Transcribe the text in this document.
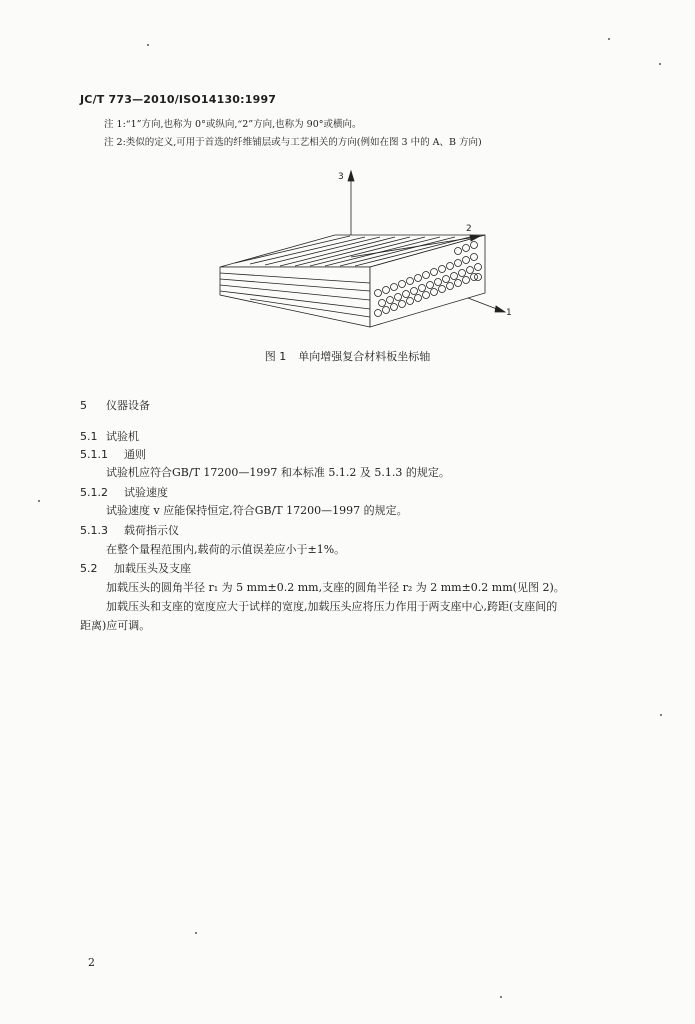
JC/T 773—2010/ISO14130:1997
注 1:“1”方向,也称为 0°或纵向,“2”方向,也称为 90°或横向。
注 2:类似的定义,可用于首选的纤维铺层或与工艺相关的方向(例如在图 3 中的 A、B 方向)
3
2
1
图 1 单向增强复合材料板坐标轴
5 仪器设备
5.1 试验机
5.1.1 通则
试验机应符合GB/T 17200—1997 和本标准 5.1.2 及 5.1.3 的规定。
5.1.2 试验速度
试验速度 v 应能保持恒定,符合GB/T 17200—1997 的规定。
5.1.3 载荷指示仪
在整个量程范围内,载荷的示值误差应小于±1%。
5.2 加载压头及支座
加载压头的圆角半径 r₁ 为 5 mm±0.2 mm,支座的圆角半径 r₂ 为 2 mm±0.2 mm(见图 2)。
加载压头和支座的宽度应大于试样的宽度,加载压头应将压力作用于两支座中心,跨距(支座间的
距离)应可调。
2
